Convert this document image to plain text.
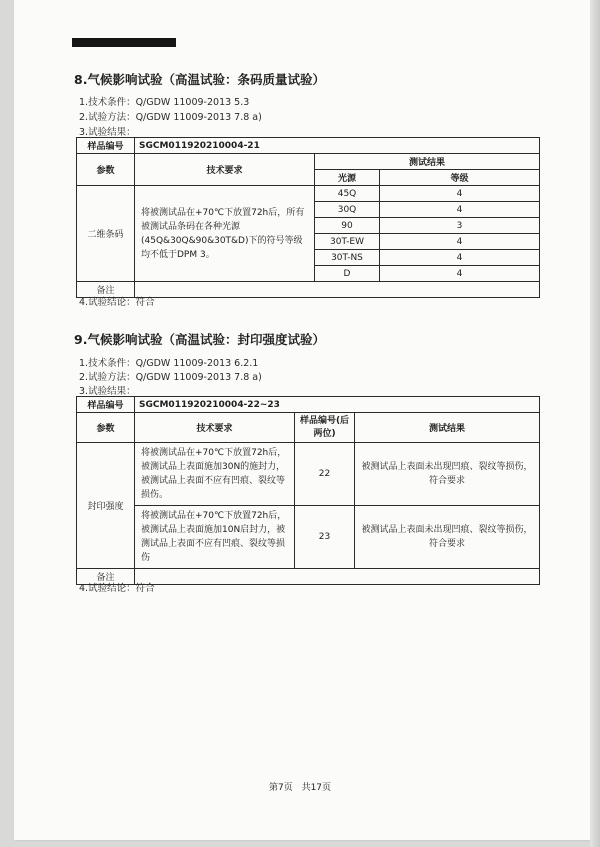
8.气候影响试验（高温试验：条码质量试验）
1.技术条件：Q/GDW 11009-2013 5.3
2.试验方法：Q/GDW 11009-2013 7.8 a)
3.试验结果：
样品编号	SGCM011920210004-21		
参数	技术要求	测试结果	
		光源	等级
二维条码	将被测试品在+70℃下放置72h后，所有被测试品条码在各种光源(45Q&30Q&90&30T&D)下的符号等级均不低于DPM 3。	45Q	4
		30Q	4
		90	3
		30T-EW	4
		30T-NS	4
		D	4
备注			
4.试验结论：符合
9.气候影响试验（高温试验：封印强度试验）
1.技术条件：Q/GDW 11009-2013 6.2.1
2.试验方法：Q/GDW 11009-2013 7.8 a)
3.试验结果：
样品编号	SGCM011920210004-22~23		
参数	技术要求	样品编号(后两位)	测试结果
封印强度	将被测试品在+70℃下放置72h后，被测试品上表面施加30N的施封力，被测试品上表面不应有凹痕、裂纹等损伤。	22	被测试品上表面未出现凹痕、裂纹等损伤，符合要求
	将被测试品在+70℃下放置72h后，被测试品上表面施加10N启封力，被测试品上表面不应有凹痕、裂纹等损伤	23	被测试品上表面未出现凹痕、裂纹等损伤，符合要求
备注			
4.试验结论：符合
第7页 共17页
